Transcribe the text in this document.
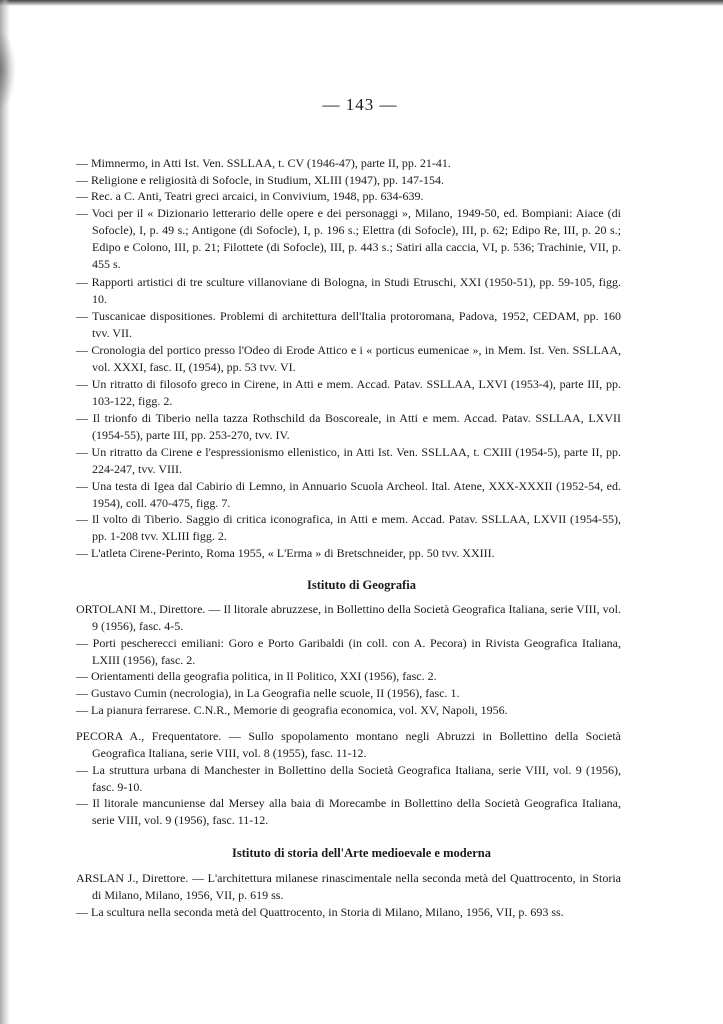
— 143 —

— Mimnermo, in Atti Ist. Ven. SSLLAA, t. CV (1946-47), parte II, pp. 21-41.

— Religione e religiosità di Sofocle, in Studium, XLIII (1947), pp. 147-154.

— Rec. a C. Anti, Teatri greci arcaici, in Convivium, 1948, pp. 634-639.

— Voci per il « Dizionario letterario delle opere e dei personaggi », Milano, 1949-50, ed. Bompiani: Aiace (di Sofocle), I, p. 49 s.; Antigone (di Sofocle), I, p. 196 s.; Elettra (di Sofocle), III, p. 62; Edipo Re, III, p. 20 s.; Edipo e Colono, III, p. 21; Filottete (di Sofocle), III, p. 443 s.; Satiri alla caccia, VI, p. 536; Trachinie, VII, p. 455 s.

— Rapporti artistici di tre sculture villanoviane di Bologna, in Studi Etruschi, XXI (1950-51), pp. 59-105, figg. 10.

— Tuscanicae dispositiones. Problemi di architettura dell'Italia protoromana, Padova, 1952, CEDAM, pp. 160 tvv. VII.

— Cronologia del portico presso l'Odeo di Erode Attico e i « porticus eumenicae », in Mem. Ist. Ven. SSLLAA, vol. XXXI, fasc. II, (1954), pp. 53 tvv. VI.

— Un ritratto di filosofo greco in Cirene, in Atti e mem. Accad. Patav. SSLLAA, LXVI (1953-4), parte III, pp. 103-122, figg. 2.

— Il trionfo di Tiberio nella tazza Rothschild da Boscoreale, in Atti e mem. Accad. Patav. SSLLAA, LXVII (1954-55), parte III, pp. 253-270, tvv. IV.

— Un ritratto da Cirene e l'espressionismo ellenistico, in Atti Ist. Ven. SSLLAA, t. CXIII (1954-5), parte II, pp. 224-247, tvv. VIII.

— Una testa di Igea dal Cabirio di Lemno, in Annuario Scuola Archeol. Ital. Atene, XXX-XXXII (1952-54, ed. 1954), coll. 470-475, figg. 7.

— Il volto di Tiberio. Saggio di critica iconografica, in Atti e mem. Accad. Patav. SSLLAA, LXVII (1954-55), pp. 1-208 tvv. XLIII figg. 2.

— L'atleta Cirene-Perinto, Roma 1955, « L'Erma » di Bretschneider, pp. 50 tvv. XXIII.

Istituto di Geografia

ORTOLANI M., Direttore. — Il litorale abruzzese, in Bollettino della Società Geografica Italiana, serie VIII, vol. 9 (1956), fasc. 4-5.

— Porti pescherecci emiliani: Goro e Porto Garibaldi (in coll. con A. Pecora) in Rivista Geografica Italiana, LXIII (1956), fasc. 2.

— Orientamenti della geografia politica, in Il Politico, XXI (1956), fasc. 2.

— Gustavo Cumin (necrologia), in La Geografia nelle scuole, II (1956), fasc. 1.

— La pianura ferrarese. C.N.R., Memorie di geografia economica, vol. XV, Napoli, 1956.

PECORA A., Frequentatore. — Sullo spopolamento montano negli Abruzzi in Bollettino della Società Geografica Italiana, serie VIII, vol. 8 (1955), fasc. 11-12.

— La struttura urbana di Manchester in Bollettino della Società Geografica Italiana, serie VIII, vol. 9 (1956), fasc. 9-10.

— Il litorale mancuniense dal Mersey alla baia di Morecambe in Bollettino della Società Geografica Italiana, serie VIII, vol. 9 (1956), fasc. 11-12.

Istituto di storia dell'Arte medioevale e moderna

ARSLAN J., Direttore. — L'architettura milanese rinascimentale nella seconda metà del Quattrocento, in Storia di Milano, Milano, 1956, VII, p. 619 ss.

— La scultura nella seconda metà del Quattrocento, in Storia di Milano, Milano, 1956, VII, p. 693 ss.
